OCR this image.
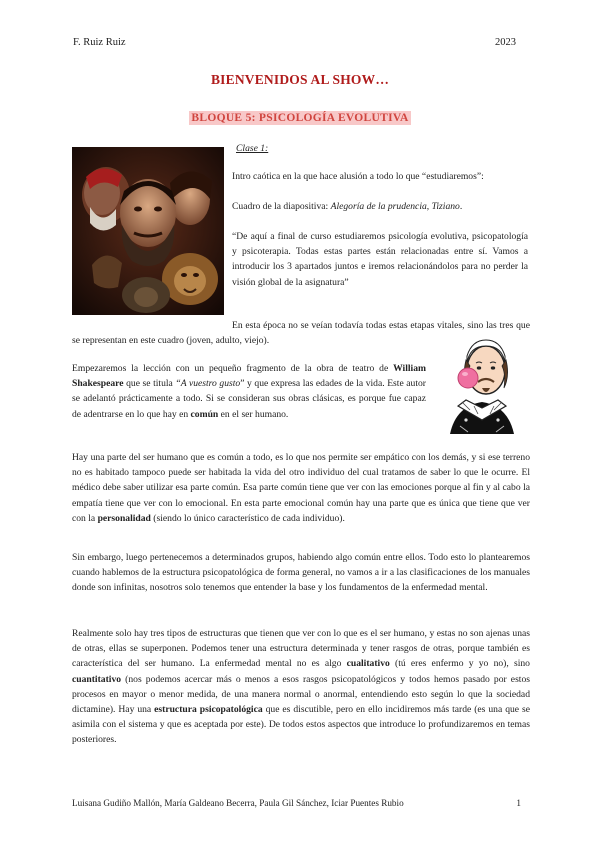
F. Ruiz Ruiz	2023
BIENVENIDOS AL SHOW…
BLOQUE 5: PSICOLOGÍA EVOLUTIVA
Clase 1:

Intro caótica en la que hace alusión a todo lo que “estudiaremos”:

Cuadro de la diapositiva: Alegoría de la prudencia, Tiziano.

“De aquí a final de curso estudiaremos psicología evolutiva, psicopatología y psicoterapia. Todas estas partes están relacionadas entre sí. Vamos a introducir los 3 apartados juntos e iremos relacionándolos para no perder la visión global de la asignatura”

En esta época no se veían todavía todas estas etapas vitales, sino las tres que se representan en este cuadro (joven, adulto, viejo).

Empezaremos la lección con un pequeño fragmento de la obra de teatro de William Shakespeare que se titula “A vuestro gusto” y que expresa las edades de la vida. Este autor se adelantó prácticamente a todo. Si se consideran sus obras clásicas, es porque fue capaz de adentrarse en lo que hay en común en el ser humano.

Hay una parte del ser humano que es común a todo, es lo que nos permite ser empático con los demás, y si ese terreno no es habitado tampoco puede ser habitada la vida del otro individuo del cual tratamos de saber lo que le ocurre. El médico debe saber utilizar esa parte común. Esa parte común tiene que ver con las emociones porque al fin y al cabo la empatía tiene que ver con lo emocional. En esta parte emocional común hay una parte que es única que tiene que ver con la personalidad (siendo lo único característico de cada individuo).

Sin embargo, luego pertenecemos a determinados grupos, habiendo algo común entre ellos. Todo esto lo plantearemos cuando hablemos de la estructura psicopatológica de forma general, no vamos a ir a las clasificaciones de los manuales donde son infinitas, nosotros solo tenemos que entender la base y los fundamentos de la enfermedad mental.

Realmente solo hay tres tipos de estructuras que tienen que ver con lo que es el ser humano, y estas no son ajenas unas de otras, ellas se superponen. Podemos tener una estructura determinada y tener rasgos de otras, porque también es característica del ser humano. La enfermedad mental no es algo cualitativo (tú eres enfermo y yo no), sino cuantitativo (nos podemos acercar más o menos a esos rasgos psicopatológicos y todos hemos pasado por estos procesos en mayor o menor medida, de una manera normal o anormal, entendiendo esto según lo que la sociedad dictamine). Hay una estructura psicopatológica que es discutible, pero en ello incidiremos más tarde (es una que se asimila con el sistema y que es aceptada por este). De todos estos aspectos que introduce lo profundizaremos en temas posteriores.

Luisana Gudiño Mallón, María Galdeano Becerra, Paula Gil Sánchez, Iciar Puentes Rubio	1
